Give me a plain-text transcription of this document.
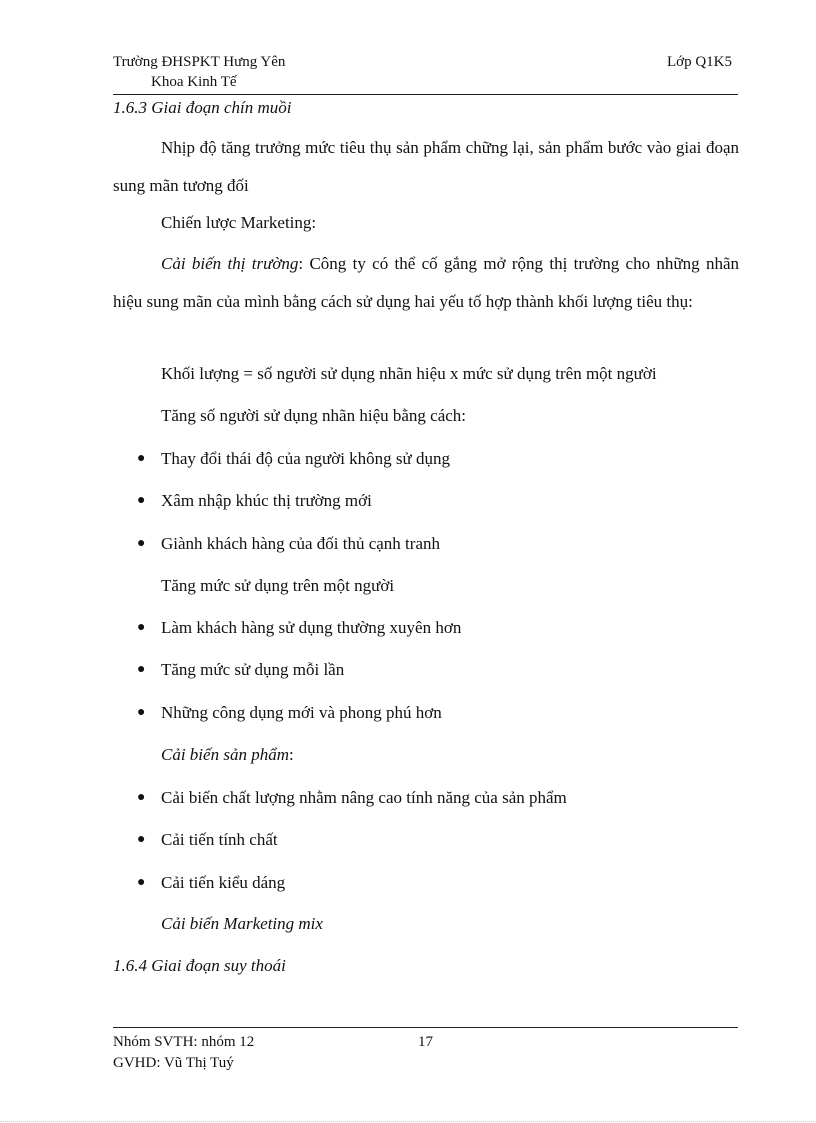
Trường ĐHSPKT Hưng Yên
Khoa Kinh Tế
Lớp Q1K5
1.6.3 Giai đoạn chín muồi
Nhịp độ tăng trưởng mức tiêu thụ sản phẩm chững lại, sản phẩm bước vào giai đoạn sung mãn tương đối
Chiến lược Marketing:
Cải biến thị trường: Công ty có thể cố gắng mở rộng thị trường cho những nhãn hiệu sung mãn của mình bằng cách sử dụng hai yếu tố hợp thành khối lượng tiêu thụ:
Khối lượng = số người sử dụng nhãn hiệu x mức sử dụng trên một người
Tăng số người sử dụng nhãn hiệu bằng cách:
● Thay đổi thái độ của người không sử dụng
● Xâm nhập khúc thị trường mới
● Giành khách hàng của đối thủ cạnh tranh
Tăng mức sử dụng trên một người
● Làm khách hàng sử dụng thường xuyên hơn
● Tăng mức sử dụng mỗi lần
● Những công dụng mới và phong phú hơn
Cải biến sản phẩm:
● Cải biến chất lượng nhằm nâng cao tính năng của sản phẩm
● Cải tiến tính chất
● Cải tiến kiểu dáng
Cải biến Marketing mix
1.6.4 Giai đoạn suy thoái
Nhóm SVTH: nhóm 12	17
GVHD: Vũ Thị Tuý
